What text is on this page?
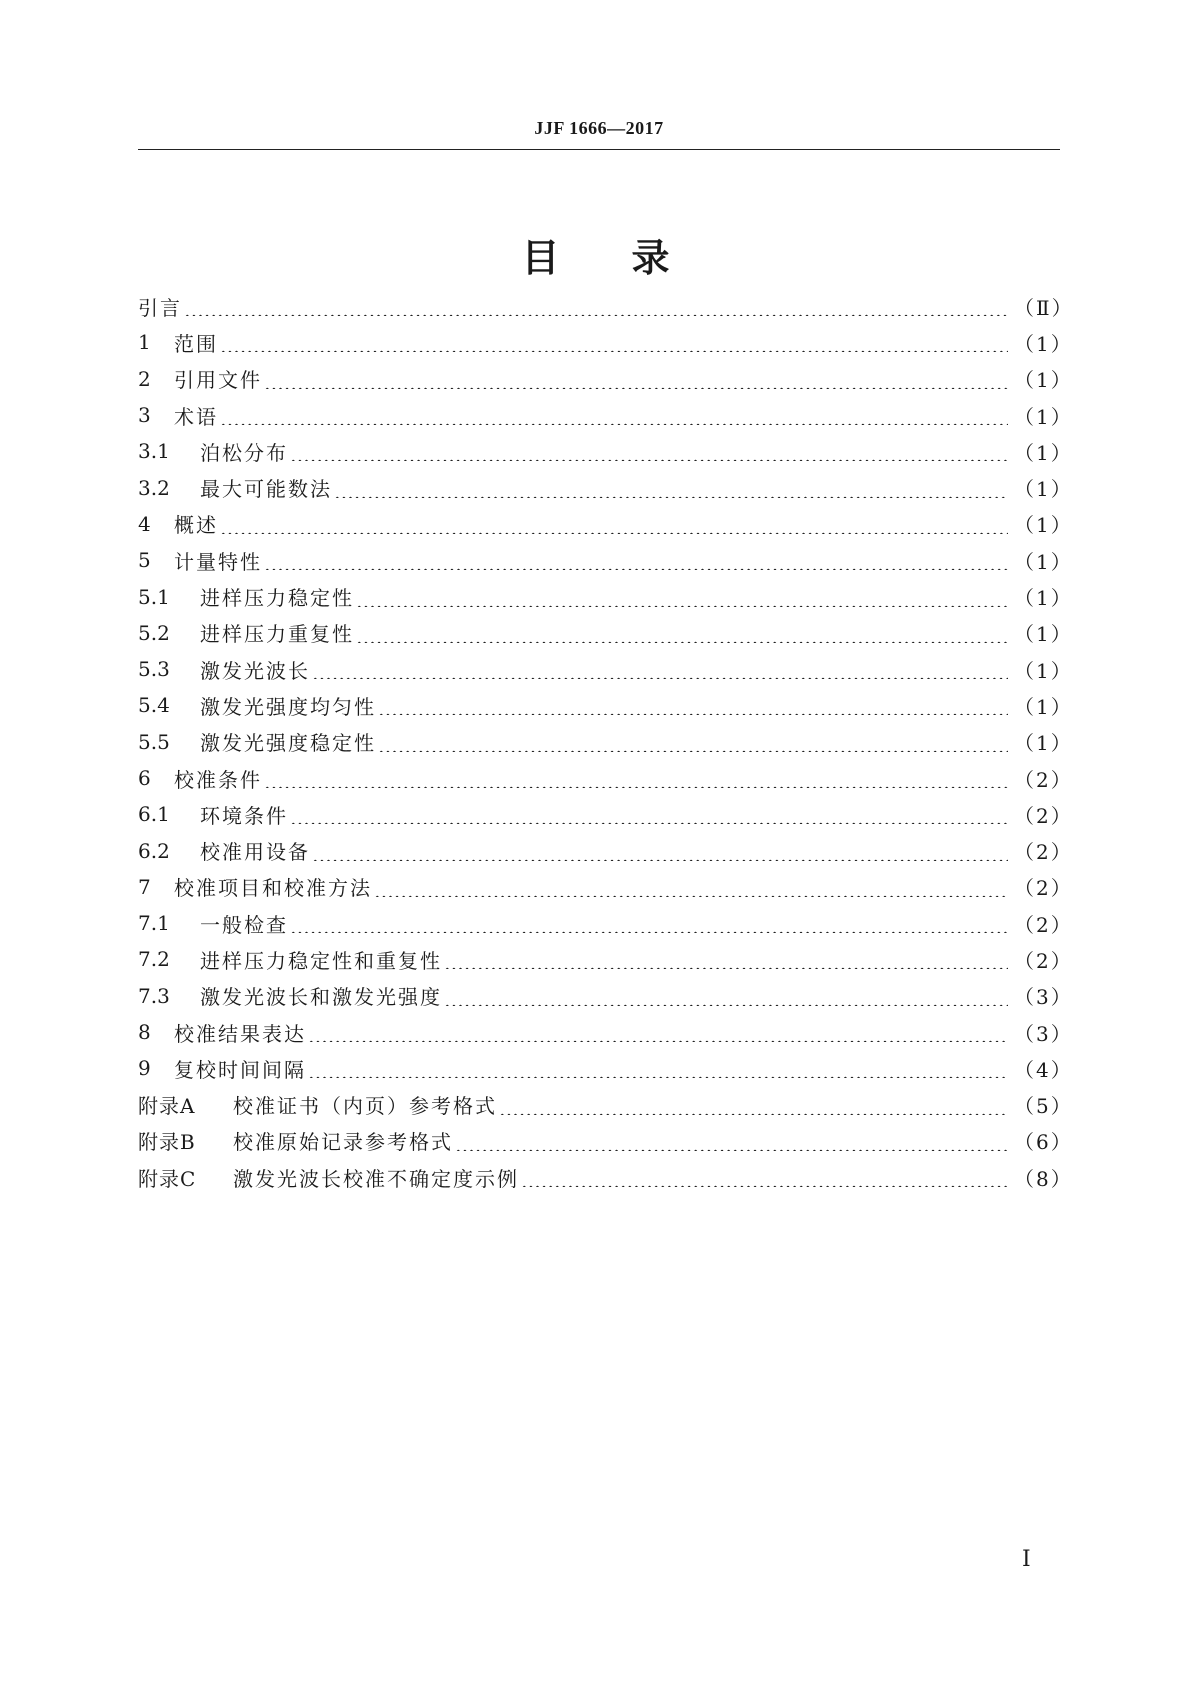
JJF 1666—2017
目录
引言	（Ⅱ）
1	范围	（1）
2	引用文件	（1）
3	术语	（1）
3.1	泊松分布	（1）
3.2	最大可能数法	（1）
4	概述	（1）
5	计量特性	（1）
5.1	进样压力稳定性	（1）
5.2	进样压力重复性	（1）
5.3	激发光波长	（1）
5.4	激发光强度均匀性	（1）
5.5	激发光强度稳定性	（1）
6	校准条件	（2）
6.1	环境条件	（2）
6.2	校准用设备	（2）
7	校准项目和校准方法	（2）
7.1	一般检查	（2）
7.2	进样压力稳定性和重复性	（2）
7.3	激发光波长和激发光强度	（3）
8	校准结果表达	（3）
9	复校时间间隔	（4）
附录A	校准证书（内页）参考格式	（5）
附录B	校准原始记录参考格式	（6）
附录C	激发光波长校准不确定度示例	（8）
Ⅰ
